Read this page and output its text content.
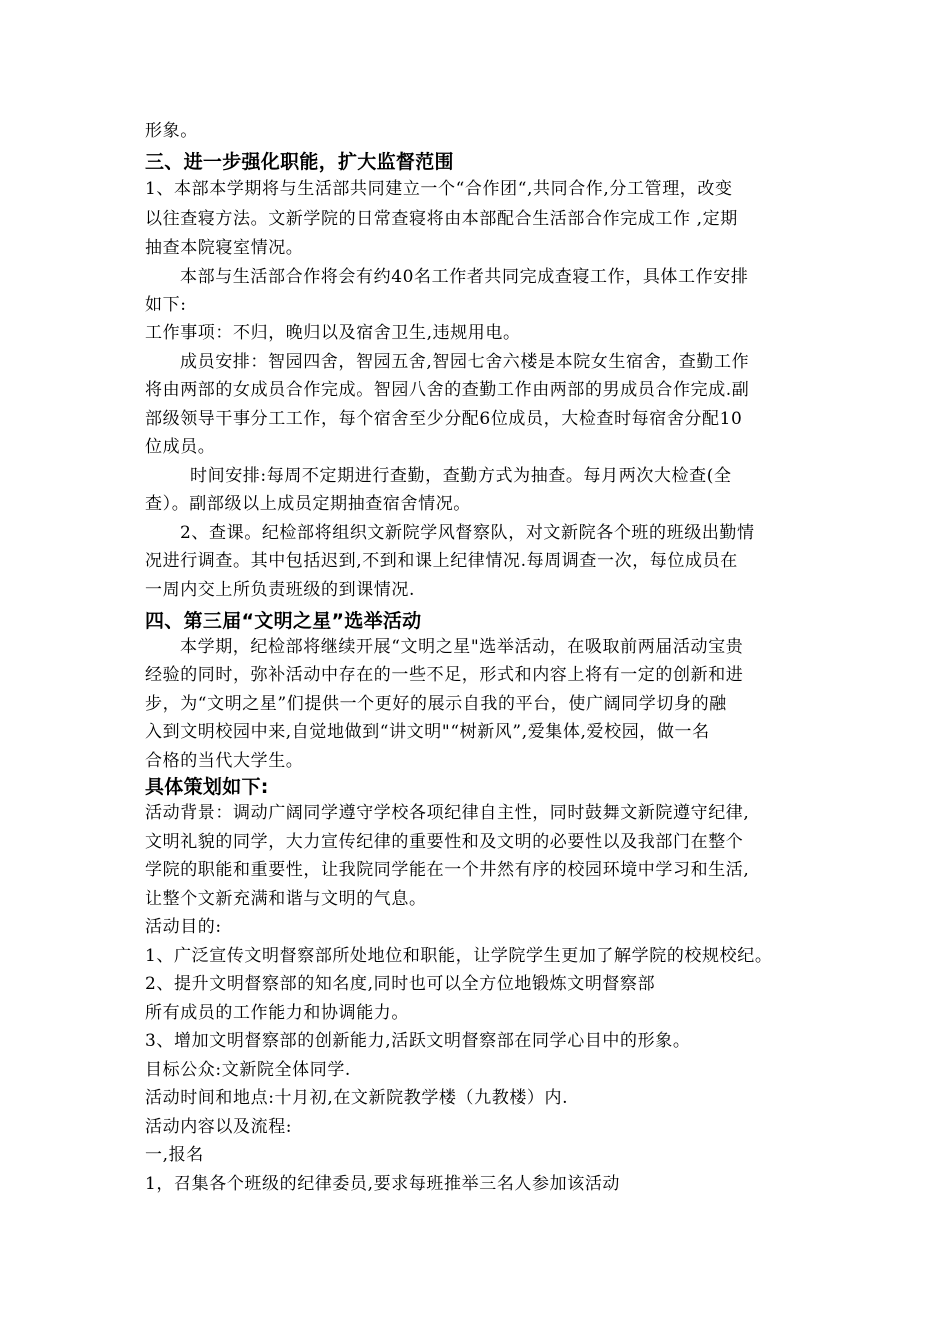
形象。
三、进一步强化职能，扩大监督范围
1、本部本学期将与生活部共同建立一个“合作团“,共同合作,分工管理，改变
以往查寝方法。文新学院的日常查寝将由本部配合生活部合作完成工作 ,定期
抽查本院寝室情况。
本部与生活部合作将会有约40名工作者共同完成查寝工作，具体工作安排
如下:
工作事项：不归，晚归以及宿舍卫生,违规用电。
成员安排：智园四舍，智园五舍,智园七舍六楼是本院女生宿舍，查勤工作
将由两部的女成员合作完成。智园八舍的查勤工作由两部的男成员合作完成.副
部级领导干事分工工作，每个宿舍至少分配6位成员，大检查时每宿舍分配10
位成员。
时间安排:每周不定期进行查勤，查勤方式为抽查。每月两次大检查(全
查）。副部级以上成员定期抽查宿舍情况。
2、查课。纪检部将组织文新院学风督察队，对文新院各个班的班级出勤情
况进行调查。其中包括迟到,不到和课上纪律情况.每周调查一次，每位成员在
一周内交上所负责班级的到课情况.
四、第三届“文明之星”选举活动
本学期，纪检部将继续开展“文明之星"选举活动，在吸取前两届活动宝贵
经验的同时，弥补活动中存在的一些不足，形式和内容上将有一定的创新和进
步，为“文明之星”们提供一个更好的展示自我的平台，使广阔同学切身的融
入到文明校园中来,自觉地做到“讲文明"“树新风”,爱集体,爱校园，做一名
合格的当代大学生。
具体策划如下:
活动背景：调动广阔同学遵守学校各项纪律自主性，同时鼓舞文新院遵守纪律,
文明礼貌的同学，大力宣传纪律的重要性和及文明的必要性以及我部门在整个
学院的职能和重要性，让我院同学能在一个井然有序的校园环境中学习和生活,
让整个文新充满和谐与文明的气息。
活动目的:
1、广泛宣传文明督察部所处地位和职能，让学院学生更加了解学院的校规校纪。
2、提升文明督察部的知名度,同时也可以全方位地锻炼文明督察部
所有成员的工作能力和协调能力。
3、增加文明督察部的创新能力,活跃文明督察部在同学心目中的形象。
目标公众:文新院全体同学.
活动时间和地点:十月初,在文新院教学楼（九教楼）内.
活动内容以及流程:
一,报名
1，召集各个班级的纪律委员,要求每班推举三名人参加该活动
